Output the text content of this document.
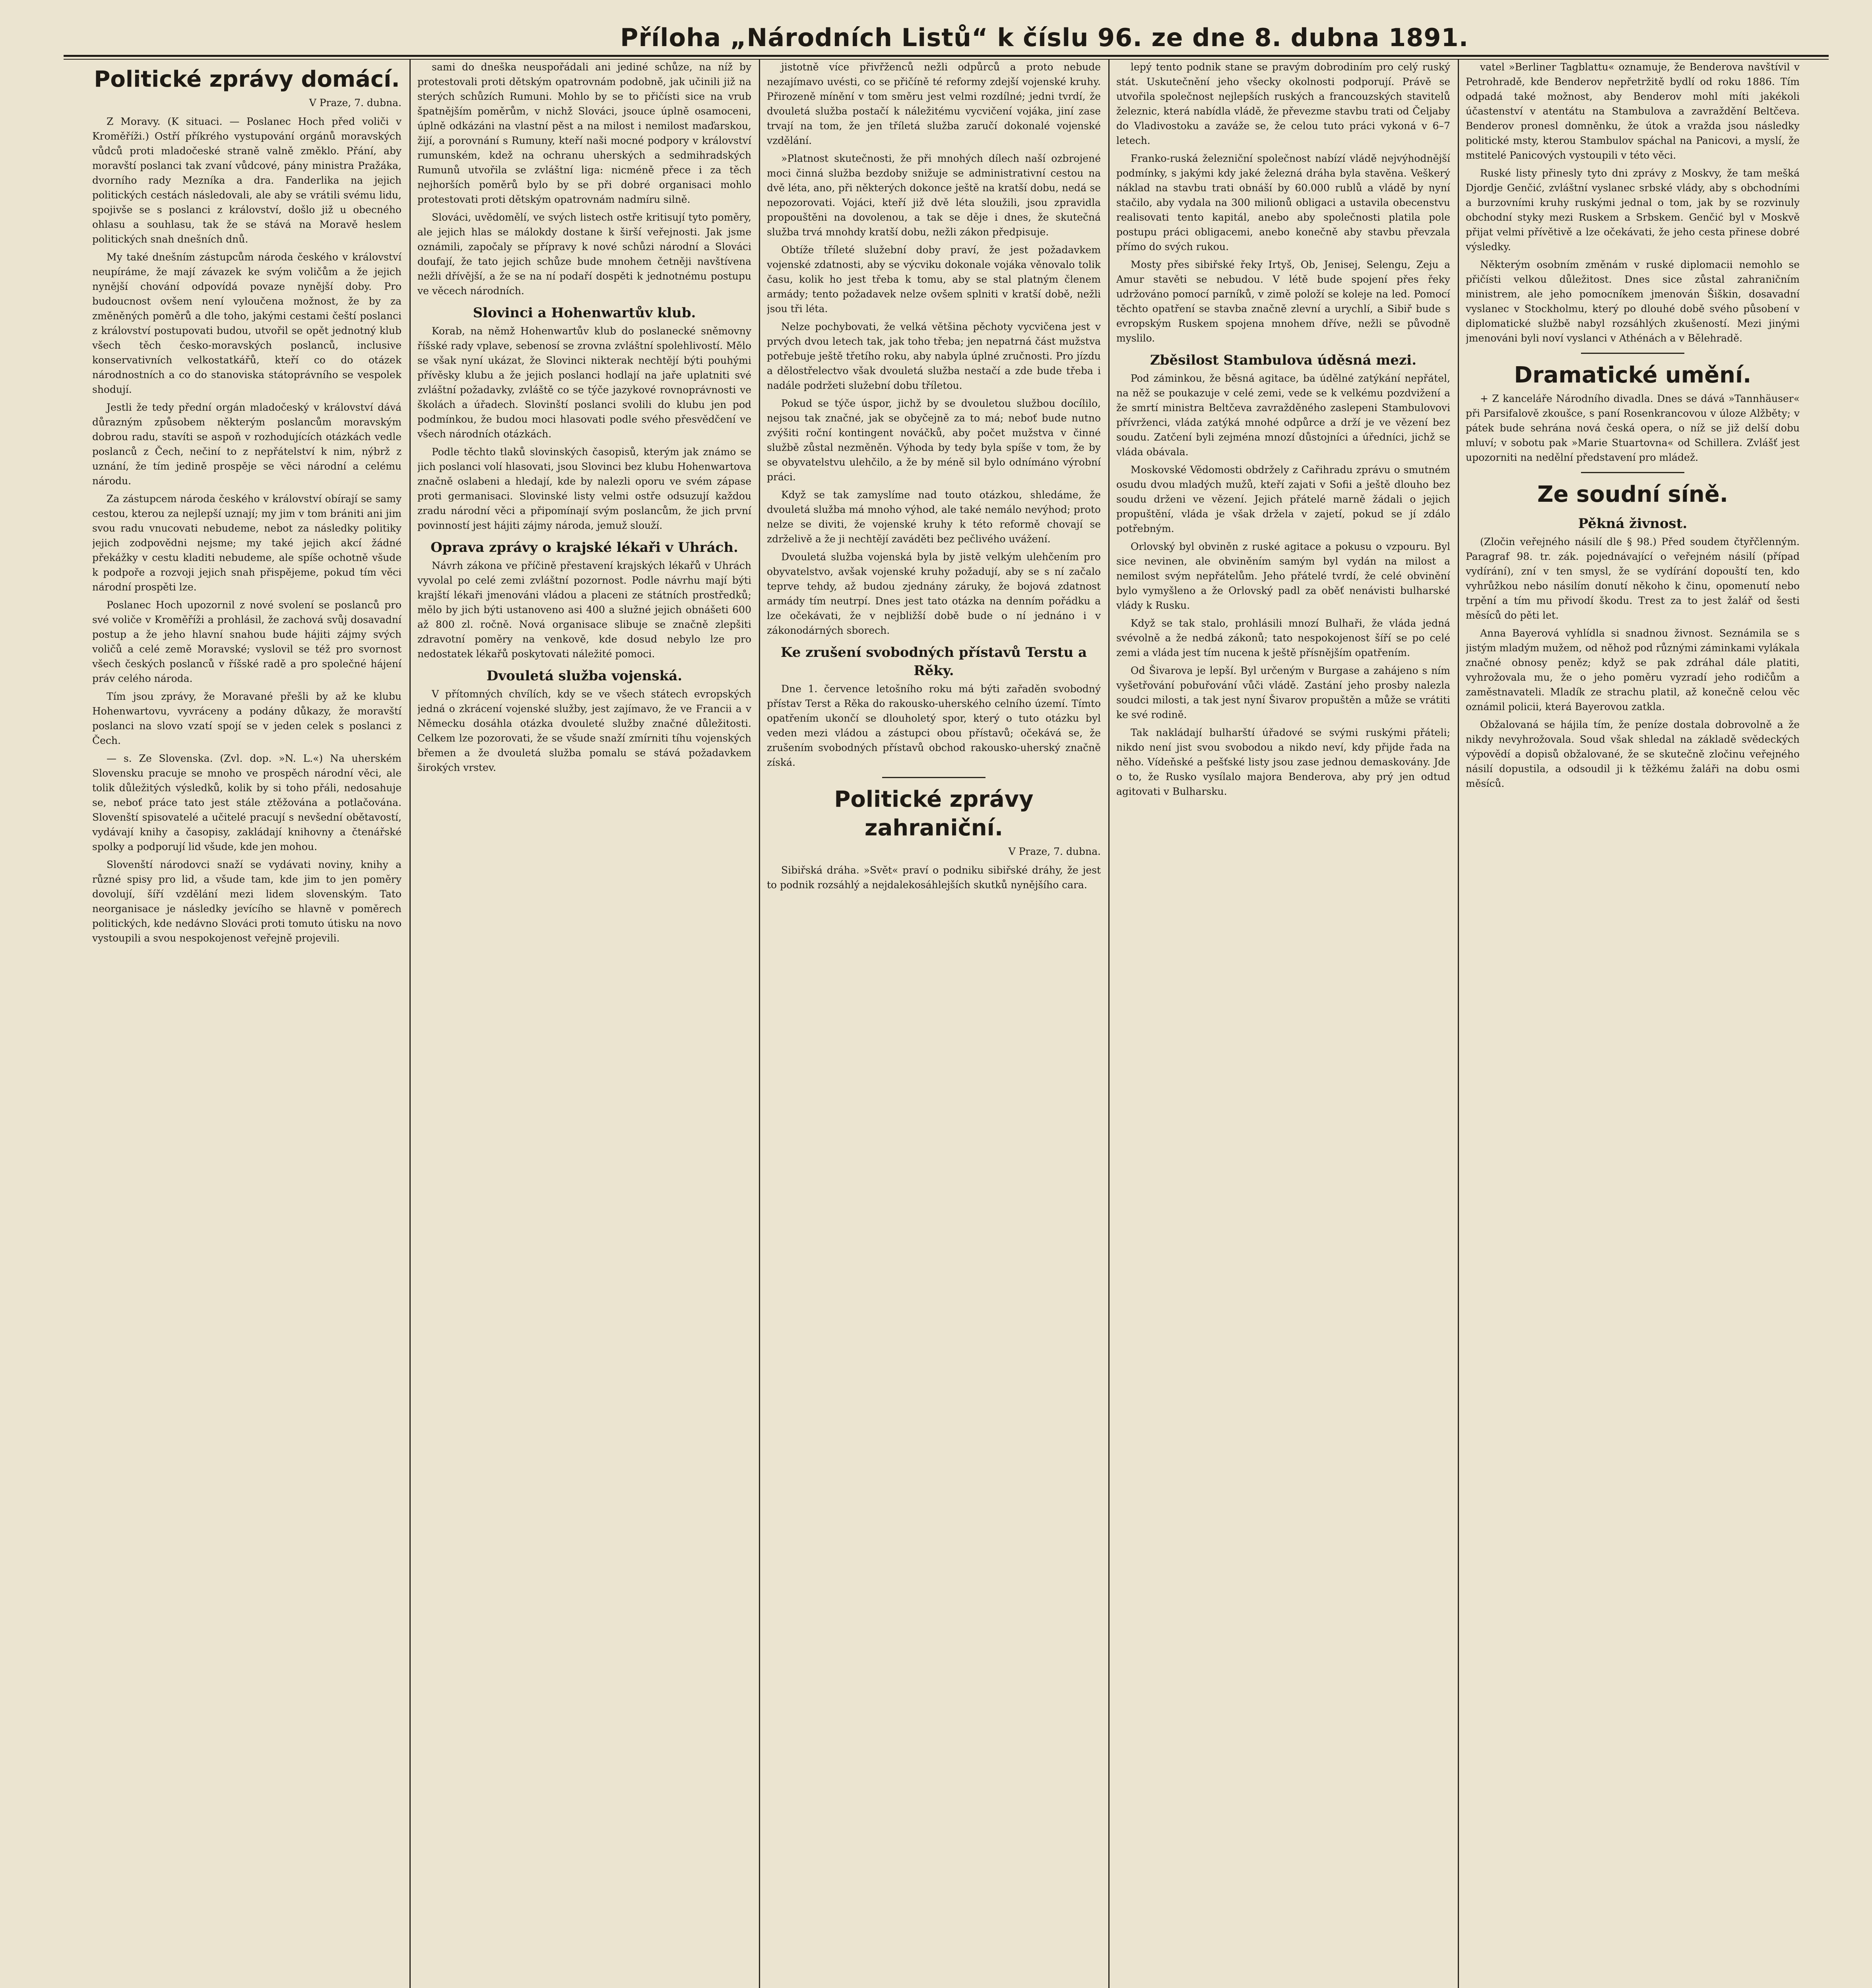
Příloha „Národních Listů“ k číslu 96. ze dne 8. dubna 1891.
Politické zprávy domácí.
V Praze, 7. dubna.

Z Moravy. (K situaci. — Poslanec Hoch před voliči v Kroměříži.) Ostří příkrého vystupování orgánů moravských vůdců proti mladočeské straně valně změklo. Přání, aby moravští poslanci tak zvaní vůdcové, pány ministra Pražáka, dvorního rady Mezníka a dra. Fanderlika na jejich politických cestách následovali, ale aby se vrátili svému lidu, spojivše se s poslanci z království, došlo již u obecného ohlasu a souhlasu, tak že se stává na Moravě heslem politických snah dnešních dnů.

My také dnešním zástupcům národa českého v království neupíráme, že mají závazek ke svým voličům a že jejich nynější chování odpovídá povaze nynější doby. Pro budoucnost ovšem není vyloučena možnost, že by za změněných poměrů a dle toho, jakými cestami čeští poslanci z království postupovati budou, utvořil se opět jednotný klub všech těch česko-moravských poslanců, inclusive konservativních velkostatkářů, kteří co do otázek národnostních a co do stanoviska státoprávního se vespolek shodují.

Jestli že tedy přední orgán mladočeský v království dává důrazným způsobem některým poslancům moravským dobrou radu, stavíti se aspoň v rozhodujících otázkách vedle poslanců z Čech, nečiní to z nepřátelství k nim, nýbrž z uznání, že tím jedině prospěje se věci národní a celému národu.

Za zástupcem národa českého v království obírají se samy cestou, kterou za nejlepší uznají; my jim v tom brániti ani jim svou radu vnucovati nebudeme, nebot za následky politiky jejich zodpovědni nejsme; my také jejich akcí žádné překážky v cestu kladiti nebudeme, ale spíše ochotně všude k podpoře a rozvoji jejich snah přispějeme, pokud tím věci národní prospěti lze.

Poslanec Hoch upozornil z nové svolení se poslanců pro své voliče v Kroměříži a prohlásil, že zachová svůj dosavadní postup a že jeho hlavní snahou bude hájiti zájmy svých voličů a celé země Moravské; vyslovil se též pro svornost všech českých poslanců v říšské radě a pro společné hájení práv celého národa.

Tím jsou zprávy, že Moravané přešli by až ke klubu Hohenwartovu, vyvráceny a podány důkazy, že moravští poslanci na slovo vzatí spojí se v jeden celek s poslanci z Čech.

— s. Ze Slovenska. (Zvl. dop. »N. L.«) Na uherském Slovensku pracuje se mnoho ve prospěch národní věci, ale tolik důležitých výsledků, kolik by si toho přáli, nedosahuje se, neboť práce tato jest stále ztěžována a potlačována. Slovenští spisovatelé a učitelé pracují s nevšední obětavostí, vydávají knihy a časopisy, zakládají knihovny a čtenářské spolky a podporují lid všude, kde jen mohou.

Slovenští národovci snaží se vydávati noviny, knihy a různé spisy pro lid, a všude tam, kde jim to jen poměry dovolují, šíří vzdělání mezi lidem slovenským. Tato neorganisace je následky jevícího se hlavně v poměrech politických, kde nedávno Slováci proti tomuto útisku na novo vystoupili a svou nespokojenost veřejně projevili.

sami do dneška neuspořádali ani jediné schůze, na níž by protestovali proti dětským opatrovnám podobně, jak učinili již na sterých schůzích Rumuni. Mohlo by se to přičísti sice na vrub špatnějším poměrům, v nichž Slováci, jsouce úplně osamoceni, úplně odkázáni na vlastní pěst a na milost i nemilost maďarskou, žijí, a porovnání s Rumuny, kteří naši mocné podpory v království rumunském, kdež na ochranu uherských a sedmihradských Rumunů utvořila se zvláštní liga: nicméně přece i za těch nejhorších poměrů bylo by se při dobré organisaci mohlo protestovati proti dětským opatrovnám nadmíru silně.

Slováci, uvědomělí, ve svých listech ostře kritisují tyto poměry, ale jejich hlas se málokdy dostane k širší veřejnosti. Jak jsme oznámili, započaly se přípravy k nové schůzi národní a Slováci doufají, že tato jejich schůze bude mnohem četněji navštívena nežli dřívější, a že se na ní podaří dospěti k jednotnému postupu ve věcech národních.

Slovinci a Hohenwartův klub.

Korab, na němž Hohenwartův klub do poslanecké sněmovny říšské rady vplave, sebenosí se zrovna zvláštní spolehlivostí. Mělo se však nyní ukázat, že Slovinci nikterak nechtějí býti pouhými přívěsky klubu a že jejich poslanci hodlají na jaře uplatniti své zvláštní požadavky, zvláště co se týče jazykové rovnoprávnosti ve školách a úřadech. Slovinští poslanci svolili do klubu jen pod podmínkou, že budou moci hlasovati podle svého přesvědčení ve všech národních otázkách.

Podle těchto tlaků slovinských časopisů, kterým jak známo se jich poslanci volí hlasovati, jsou Slovinci bez klubu Hohenwartova značně oslabeni a hledají, kde by nalezli oporu ve svém zápase proti germanisaci. Slovinské listy velmi ostře odsuzují každou zradu národní věci a připomínají svým poslancům, že jich první povinností jest hájiti zájmy národa, jemuž slouží.

Oprava zprávy o krajské lékaři v Uhrách.

Návrh zákona ve příčině přestavení krajských lékařů v Uhrách vyvolal po celé zemi zvláštní pozornost. Podle návrhu mají býti krajští lékaři jmenováni vládou a placeni ze státních prostředků; mělo by jich býti ustanoveno asi 400 a služné jejich obnášeti 600 až 800 zl. ročně. Nová organisace slibuje se značně zlepšiti zdravotní poměry na venkově, kde dosud nebylo lze pro nedostatek lékařů poskytovati náležité pomoci.

Dvouletá služba vojenská.

V přítomných chvílích, kdy se ve všech státech evropských jedná o zkrácení vojenské služby, jest zajímavo, že ve Francii a v Německu dosáhla otázka dvouleté služby značné důležitosti. Celkem lze pozorovati, že se všude snaží zmírniti tíhu vojenských břemen a že dvouletá služba pomalu se stává požadavkem širokých vrstev.

jistotně více přivřženců nežli odpůrců a proto nebude nezajímavo uvésti, co se přičíně té reformy zdejší vojenské kruhy. Přirozeně mínění v tom směru jest velmi rozdílné; jedni tvrdí, že dvouletá služba postačí k náležitému vycvičení vojáka, jiní zase trvají na tom, že jen tříletá služba zaručí dokonalé vojenské vzdělání.

»Platnost skutečnosti, že při mnohých dílech naší ozbrojené moci činná služba bezdoby snižuje se administrativní cestou na dvě léta, ano, při některých dokonce ještě na kratší dobu, nedá se nepozorovati. Vojáci, kteří již dvě léta sloužili, jsou zpravidla propouštěni na dovolenou, a tak se děje i dnes, že skutečná služba trvá mnohdy kratší dobu, nežli zákon předpisuje.

Obtíže tříleté služební doby praví, že jest požadavkem vojenské zdatnosti, aby se výcviku dokonale vojáka věnovalo tolik času, kolik ho jest třeba k tomu, aby se stal platným členem armády; tento požadavek nelze ovšem splniti v kratší době, nežli jsou tři léta.

Nelze pochybovati, že velká většina pěchoty vycvičena jest v prvých dvou letech tak, jak toho třeba; jen nepatrná část mužstva potřebuje ještě třetího roku, aby nabyla úplné zručnosti. Pro jízdu a dělostřelectvo však dvouletá služba nestačí a zde bude třeba i nadále podržeti služební dobu tříletou.

Pokud se týče úspor, jichž by se dvouletou službou docílilo, nejsou tak značné, jak se obyčejně za to má; neboť bude nutno zvýšiti roční kontingent nováčků, aby počet mužstva v činné službě zůstal nezměněn. Výhoda by tedy byla spíše v tom, že by se obyvatelstvu ulehčilo, a že by méně sil bylo odnímáno výrobní práci.

Když se tak zamyslíme nad touto otázkou, shledáme, že dvouletá služba má mnoho výhod, ale také nemálo nevýhod; proto nelze se diviti, že vojenské kruhy k této reformě chovají se zdrželivě a že ji nechtějí zaváděti bez pečlivého uvážení.

Dvouletá služba vojenská byla by jistě velkým ulehčením pro obyvatelstvo, avšak vojenské kruhy požadují, aby se s ní začalo teprve tehdy, až budou zjednány záruky, že bojová zdatnost armády tím neutrpí. Dnes jest tato otázka na denním pořádku a lze očekávati, že v nejbližší době bude o ní jednáno i v zákonodárných sborech.

Ke zrušení svobodných přístavů Terstu a Rěky.

Dne 1. července letošního roku má býti zařaděn svobodný přístav Terst a Rěka do rakousko-uherského celního území. Tímto opatřením ukončí se dlouholetý spor, který o tuto otázku byl veden mezi vládou a zástupci obou přístavů; očekává se, že zrušením svobodných přístavů obchod rakousko-uherský značně získá.

Politické zprávy zahraniční.
V Praze, 7. dubna.

Sibiřská dráha. »Svět« praví o podniku sibiřské dráhy, že jest to podnik rozsáhlý a nejdalekosáhlejších skutků nynějšího cara.

lepý tento podnik stane se pravým dobrodiním pro celý ruský stát. Uskutečnění jeho všecky okolnosti podporují. Právě se utvořila společnost nejlepších ruských a francouzských stavitelů železnic, která nabídla vládě, že převezme stavbu trati od Čeljaby do Vladivostoku a zaváže se, že celou tuto práci vykoná v 6–7 letech.

Franko-ruská železniční společnost nabízí vládě nejvýhodnější podmínky, s jakými kdy jaké železná dráha byla stavěna. Veškerý náklad na stavbu trati obnáší by 60.000 rublů a vládě by nyní stačilo, aby vydala na 300 milionů obligaci a ustavila obecenstvu realisovati tento kapitál, anebo aby společnosti platila pole postupu práci obligacemi, anebo konečně aby stavbu převzala přímo do svých rukou.

Mosty přes sibiřské řeky Irtyš, Ob, Jenisej, Selengu, Zeju a Amur stavěti se nebudou. V létě bude spojení přes řeky udržováno pomocí parníků, v zimě položí se koleje na led. Pomocí těchto opatření se stavba značně zlevní a urychlí, a Sibiř bude s evropským Ruskem spojena mnohem dříve, nežli se původně myslilo.

Zběsilost Stambulova úděsná mezi.

Pod záminkou, že běsná agitace, ba údělné zatýkání nepřátel, na něž se poukazuje v celé zemi, vede se k velkému pozdvižení a že smrtí ministra Beltčeva zavražděného zaslepeni Stambulovovi přívrženci, vláda zatýká mnohé odpůrce a drží je ve vězení bez soudu. Zatčení byli zejména mnozí důstojníci a úředníci, jichž se vláda obávala.

Moskovské Vědomosti obdržely z Cařihradu zprávu o smutném osudu dvou mladých mužů, kteří zajati v Sofii a ještě dlouho bez soudu drženi ve vězení. Jejich přátelé marně žádali o jejich propuštění, vláda je však držela v zajetí, pokud se jí zdálo potřebným.

Orlovský byl obviněn z ruské agitace a pokusu o vzpouru. Byl sice nevinen, ale obviněním samým byl vydán na milost a nemilost svým nepřátelům. Jeho přátelé tvrdí, že celé obvinění bylo vymyšleno a že Orlovský padl za oběť nenávisti bulharské vlády k Rusku.

Když se tak stalo, prohlásili mnozí Bulhaři, že vláda jedná svévolně a že nedbá zákonů; tato nespokojenost šíří se po celé zemi a vláda jest tím nucena k ještě přísnějším opatřením.

Od Šivarova je lepší. Byl určeným v Burgase a zahájeno s ním vyšetřování pobuřování vůči vládě. Zastání jeho prosby nalezla soudci milosti, a tak jest nyní Šivarov propuštěn a může se vrátiti ke své rodině.

Tak nakládají bulharští úřadové se svými ruskými přáteli; nikdo není jist svou svobodou a nikdo neví, kdy přijde řada na něho. Vídeňské a pešťské listy jsou zase jednou demaskovány. Jde o to, že Rusko vysílalo majora Benderova, aby prý jen odtud agitovati v Bulharsku.

vatel »Berliner Tagblattu« oznamuje, že Benderova navštívil v Petrohradě, kde Benderov nepřetržitě bydlí od roku 1886. Tím odpadá také možnost, aby Benderov mohl míti jakékoli účastenství v atentátu na Stambulova a zavraždění Beltčeva. Benderov pronesl domněnku, že útok a vražda jsou následky politické msty, kterou Stambulov spáchal na Panicovi, a myslí, že mstitelé Panicových vystoupili v této věci.

Ruské listy přinesly tyto dni zprávy z Moskvy, že tam mešká Djordje Genčić, zvláštní vyslanec srbské vlády, aby s obchodními a burzovními kruhy ruskými jednal o tom, jak by se rozvinuly obchodní styky mezi Ruskem a Srbskem. Genčić byl v Moskvě přijat velmi přívětivě a lze očekávati, že jeho cesta přinese dobré výsledky.

Některým osobním změnám v ruské diplomacii nemohlo se přičísti velkou důležitost. Dnes sice zůstal zahraničním ministrem, ale jeho pomocníkem jmenován Šiškin, dosavadní vyslanec v Stockholmu, který po dlouhé době svého působení v diplomatické službě nabyl rozsáhlých zkušeností. Mezi jinými jmenováni byli noví vyslanci v Athénách a v Bělehradě.

Dramatické umění.

+ Z kanceláře Národního divadla. Dnes se dává »Tannhäuser« při Parsifalově zkoušce, s paní Rosenkrancovou v úloze Alžběty; v pátek bude sehrána nová česká opera, o níž se již delší dobu mluví; v sobotu pak »Marie Stuartovna« od Schillera. Zvlášť jest upozorniti na nedělní představení pro mládež.

Ze soudní síně.
Pěkná živnost.

(Zločin veřejného násilí dle § 98.) Před soudem čtyřčlenným. Paragraf 98. tr. zák. pojednávající o veřejném násilí (případ vydírání), zní v ten smysl, že se vydírání dopouští ten, kdo vyhrůžkou nebo násilím donutí někoho k činu, opomenutí nebo trpění a tím mu přivodí škodu. Trest za to jest žalář od šesti měsíců do pěti let.

Anna Bayerová vyhlídla si snadnou živnost. Seznámila se s jistým mladým mužem, od něhož pod různými záminkami vylákala značné obnosy peněz; když se pak zdráhal dále platiti, vyhrožovala mu, že o jeho poměru vyzradí jeho rodičům a zaměstnavateli. Mladík ze strachu platil, až konečně celou věc oznámil policii, která Bayerovou zatkla.

Obžalovaná se hájila tím, že peníze dostala dobrovolně a že nikdy nevyhrožovala. Soud však shledal na základě svědeckých výpovědí a dopisů obžalované, že se skutečně zločinu veřejného násilí dopustila, a odsoudil ji k těžkému žaláři na dobu osmi měsíců.
